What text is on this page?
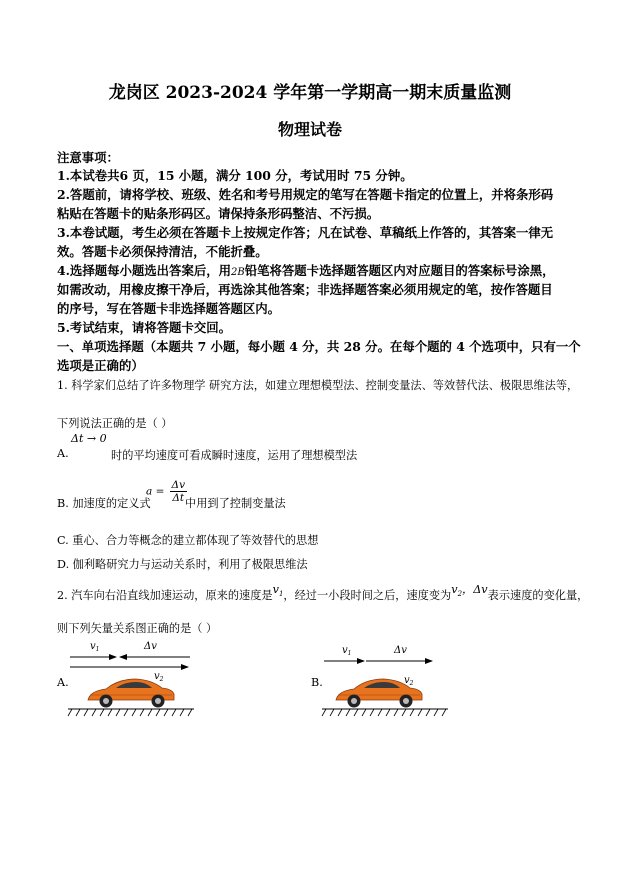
龙岗区 2023-2024 学年第一学期高一期末质量监测
物理试卷
注意事项：
1.本试卷共6 页，15 小题，满分 100 分，考试用时 75 分钟。
2.答题前，请将学校、班级、姓名和考号用规定的笔写在答题卡指定的位置上，并将条形码
粘贴在答题卡的贴条形码区。请保持条形码整洁、不污损。
3.本卷试题，考生必须在答题卡上按规定作答；凡在试卷、草稿纸上作答的，其答案一律无
效。答题卡必须保持清洁，不能折叠。
4.选择题每小题选出答案后，用2B铅笔将答题卡选择题答题区内对应题目的答案标号涂黑，
如需改动，用橡皮擦干净后，再选涂其他答案；非选择题答案必须用规定的笔，按作答题目
的序号，写在答题卡非选择题答题区内。
5.考试结束，请将答题卡交回。
一、单项选择题（本题共 7 小题，每小题 4 分，共 28 分。在每个题的 4 个选项中，只有一个
选项是正确的）
1. 科学家们总结了许多物理学 研究方法，如建立理想模型法、控制变量法、等效替代法、极限思维法等，
下列说法正确的是（ ）
A.
Δt → 0
时的平均速度可看成瞬时速度，运用了理想模型法
B. 加速度的定义式
$a = \frac{\Delta v}{\Delta t}$
中用到了控制变量法
C. 重心、合力等概念的建立都体现了等效替代的思想
D. 伽利略研究力与运动关系时，利用了极限思维法
2. 汽车向右沿直线加速运动，原来的速度是$v_1$，经过一小段时间之后，速度变为$v_2$，Δv表示速度的变化量，
则下列矢量关系图正确的是（ ）
A.
$v_1$	Δv
$v_2$	B.
$v_1$	Δv
$v_2$
